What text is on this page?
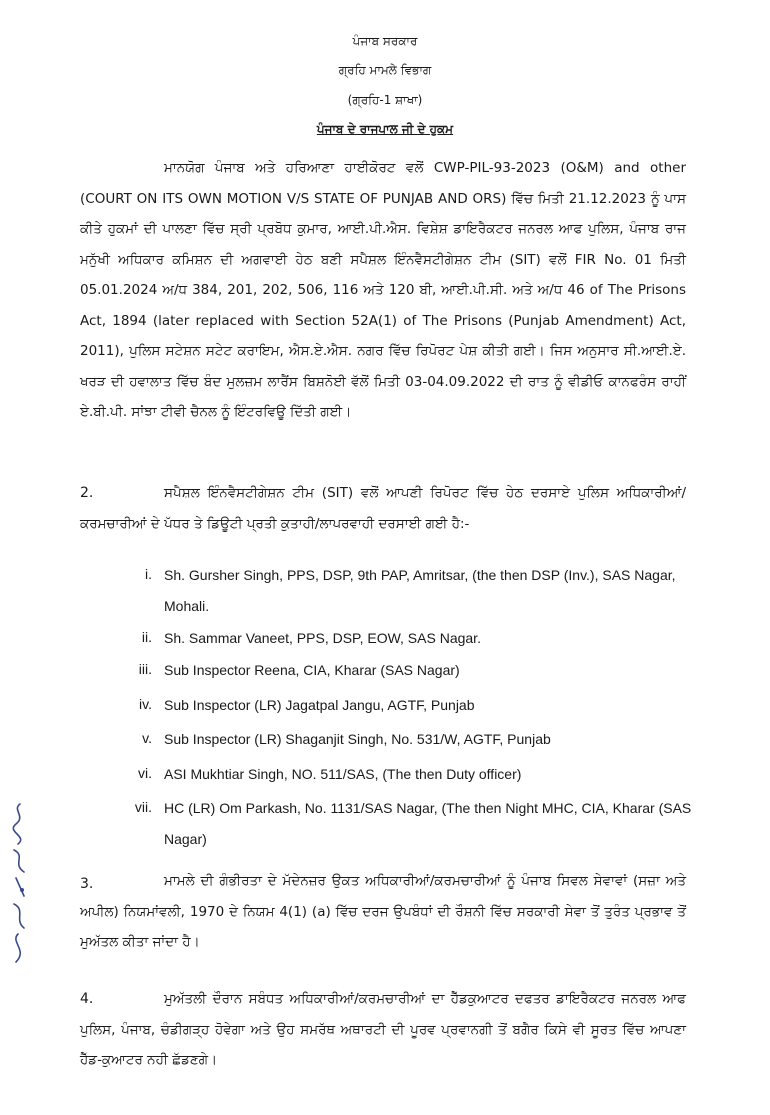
ਪੰਜਾਬ ਸਰਕਾਰ
ਗ੍ਰਹਿ ਮਾਮਲੇ ਵਿਭਾਗ
(ਗ੍ਰਹਿ-1 ਸ਼ਾਖਾ)
ਪੰਜਾਬ ਦੇ ਰਾਜਪਾਲ ਜੀ ਦੇ ਹੁਕਮ
ਮਾਨਯੋਗ ਪੰਜਾਬ ਅਤੇ ਹਰਿਆਣਾ ਹਾਈਕੋਰਟ ਵਲੋਂ CWP-PIL-93-2023 (O&M) and other (COURT ON ITS OWN MOTION V/S STATE OF PUNJAB AND ORS) ਵਿੱਚ ਮਿਤੀ 21.12.2023 ਨੂੰ ਪਾਸ ਕੀਤੇ ਹੁਕਮਾਂ ਦੀ ਪਾਲਣਾ ਵਿੱਚ ਸ੍ਰੀ ਪ੍ਰਬੋਧ ਕੁਮਾਰ, ਆਈ.ਪੀ.ਐਸ. ਵਿਸ਼ੇਸ਼ ਡਾਇਰੈਕਟਰ ਜਨਰਲ ਆਫ ਪੁਲਿਸ, ਪੰਜਾਬ ਰਾਜ ਮਨੁੱਖੀ ਅਧਿਕਾਰ ਕਮਿਸ਼ਨ ਦੀ ਅਗਵਾਈ ਹੇਠ ਬਣੀ ਸਪੈਸ਼ਲ ਇੰਨਵੈਸਟੀਗੇਸ਼ਨ ਟੀਮ (SIT) ਵਲੋਂ FIR No. 01 ਮਿਤੀ 05.01.2024 ਅ/ਧ 384, 201, 202, 506, 116 ਅਤੇ 120 ਬੀ, ਆਈ.ਪੀ.ਸੀ. ਅਤੇ ਅ/ਧ 46 of The Prisons Act, 1894 (later replaced with Section 52A(1) of The Prisons (Punjab Amendment) Act, 2011), ਪੁਲਿਸ ਸਟੇਸ਼ਨ ਸਟੇਟ ਕਰਾਇਮ, ਐਸ.ਏ.ਐਸ. ਨਗਰ ਵਿੱਚ ਰਿਪੋਰਟ ਪੇਸ਼ ਕੀਤੀ ਗਈ। ਜਿਸ ਅਨੁਸਾਰ ਸੀ.ਆਈ.ਏ. ਖਰੜ ਦੀ ਹਵਾਲਾਤ ਵਿੱਚ ਬੰਦ ਮੁਲਜ਼ਮ ਲਾਰੈਂਸ ਬਿਸ਼ਨੋਈ ਵੱਲੋਂ ਮਿਤੀ 03-04.09.2022 ਦੀ ਰਾਤ ਨੂੰ ਵੀਡੀਓ ਕਾਨਫਰੰਸ ਰਾਹੀਂ ਏ.ਬੀ.ਪੀ. ਸਾਂਝਾ ਟੀਵੀ ਚੈਨਲ ਨੂੰ ਇੰਟਰਵਿਊ ਦਿੱਤੀ ਗਈ।
2.	ਸਪੈਸ਼ਲ ਇੰਨਵੈਸਟੀਗੇਸ਼ਨ ਟੀਮ (SIT) ਵਲੋਂ ਆਪਣੀ ਰਿਪੋਰਟ ਵਿੱਚ ਹੇਠ ਦਰਸਾਏ ਪੁਲਿਸ ਅਧਿਕਾਰੀਆਂ/ਕਰਮਚਾਰੀਆਂ ਦੇ ਪੱਧਰ ਤੇ ਡਿਊਟੀ ਪ੍ਰਤੀ ਕੁਤਾਹੀ/ਲਾਪਰਵਾਹੀ ਦਰਸਾਈ ਗਈ ਹੈ:-
i. Sh. Gursher Singh, PPS, DSP, 9th PAP, Amritsar, (the then DSP (Inv.), SAS Nagar, Mohali.
ii. Sh. Sammar Vaneet, PPS, DSP, EOW, SAS Nagar.
iii. Sub Inspector Reena, CIA, Kharar (SAS Nagar)
iv. Sub Inspector (LR) Jagatpal Jangu, AGTF, Punjab
v. Sub Inspector (LR) Shaganjit Singh, No. 531/W, AGTF, Punjab
vi. ASI Mukhtiar Singh, NO. 511/SAS, (The then Duty officer)
vii. HC (LR) Om Parkash, No. 1131/SAS Nagar, (The then Night MHC, CIA, Kharar (SAS Nagar)
3.	ਮਾਮਲੇ ਦੀ ਗੰਭੀਰਤਾ ਦੇ ਮੱਦੇਨਜ਼ਰ ਉਕਤ ਅਧਿਕਾਰੀਆਂ/ਕਰਮਚਾਰੀਆਂ ਨੂੰ ਪੰਜਾਬ ਸਿਵਲ ਸੇਵਾਵਾਂ (ਸਜ਼ਾ ਅਤੇ ਅਪੀਲ) ਨਿਯਮਾਂਵਲੀ, 1970 ਦੇ ਨਿਯਮ 4(1) (a) ਵਿੱਚ ਦਰਜ ਉਪਬੰਧਾਂ ਦੀ ਰੌਸ਼ਨੀ ਵਿੱਚ ਸਰਕਾਰੀ ਸੇਵਾ ਤੋਂ ਤੁਰੰਤ ਪ੍ਰਭਾਵ ਤੋਂ ਮੁਅੱਤਲ ਕੀਤਾ ਜਾਂਦਾ ਹੈ।
4.	ਮੁਅੱਤਲੀ ਦੌਰਾਨ ਸਬੰਧਤ ਅਧਿਕਾਰੀਆਂ/ਕਰਮਚਾਰੀਆਂ ਦਾ ਹੈੱਡਕੁਆਟਰ ਦਫਤਰ ਡਾਇਰੈਕਟਰ ਜਨਰਲ ਆਫ ਪੁਲਿਸ, ਪੰਜਾਬ, ਚੰਡੀਗੜ੍ਹ ਹੋਵੇਗਾ ਅਤੇ ਉਹ ਸਮਰੱਥ ਅਥਾਰਟੀ ਦੀ ਪੂਰਵ ਪ੍ਰਵਾਨਗੀ ਤੋਂ ਬਗੈਰ ਕਿਸੇ ਵੀ ਸੂਰਤ ਵਿੱਚ ਆਪਣਾ ਹੈੱਡ-ਕੁਆਟਰ ਨਹੀ ਛੱਡਣਗੇ।
